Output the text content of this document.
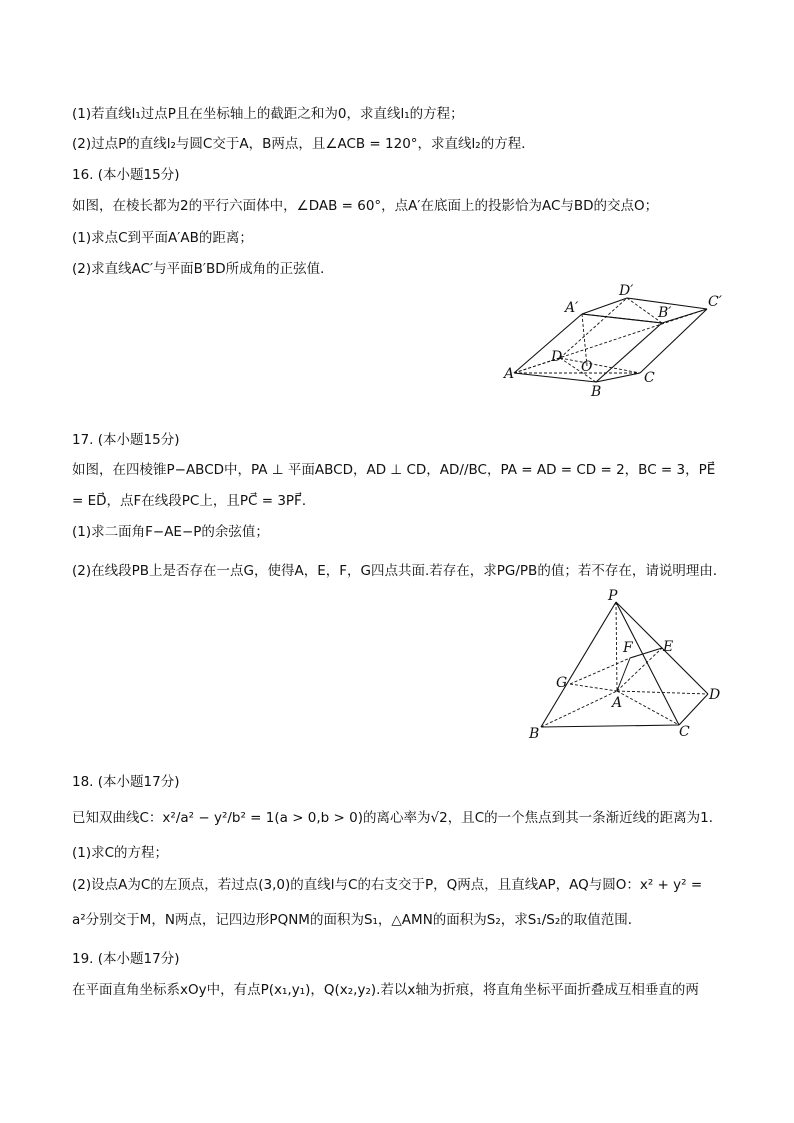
(1)若直线l₁过点P且在坐标轴上的截距之和为0，求直线l₁的方程；
(2)过点P的直线l₂与圆C交于A，B两点，且∠ACB = 120°，求直线l₂的方程．
16. (本小题15分)
如图，在棱长都为2的平行六面体中，∠DAB = 60°，点A′在底面上的投影恰为AC与BD的交点O；
(1)求点C到平面A′AB的距离；
(2)求直线AC′与平面B′BD所成角的正弦值．
A′
D′
B′
C′
D
O
A
B
C
17. (本小题15分)
如图，在四棱锥P−ABCD中，PA ⊥ 平面ABCD，AD ⊥ CD，AD//BC，PA = AD = CD = 2，BC = 3，PE⃗
= ED⃗，点F在线段PC上，且PC⃗ = 3PF⃗．
(1)求二面角F−AE−P的余弦值；
(2)在线段PB上是否存在一点G，使得A，E，F，G四点共面.若存在，求PG/PB的值；若不存在，请说明理由．
P
F E
G
A	D
B	C
18. (本小题17分)
已知双曲线C：x²/a² − y²/b² = 1(a > 0,b > 0)的离心率为√2，且C的一个焦点到其一条渐近线的距离为1．
(1)求C的方程；
(2)设点A为C的左顶点，若过点(3,0)的直线l与C的右支交于P，Q两点，且直线AP，AQ与圆O：x² + y² =
a²分别交于M，N两点，记四边形PQNM的面积为S₁，△AMN的面积为S₂，求S₁/S₂的取值范围．
19. (本小题17分)
在平面直角坐标系xOy中，有点P(x₁,y₁)，Q(x₂,y₂).若以x轴为折痕，将直角坐标平面折叠成互相垂直的两
